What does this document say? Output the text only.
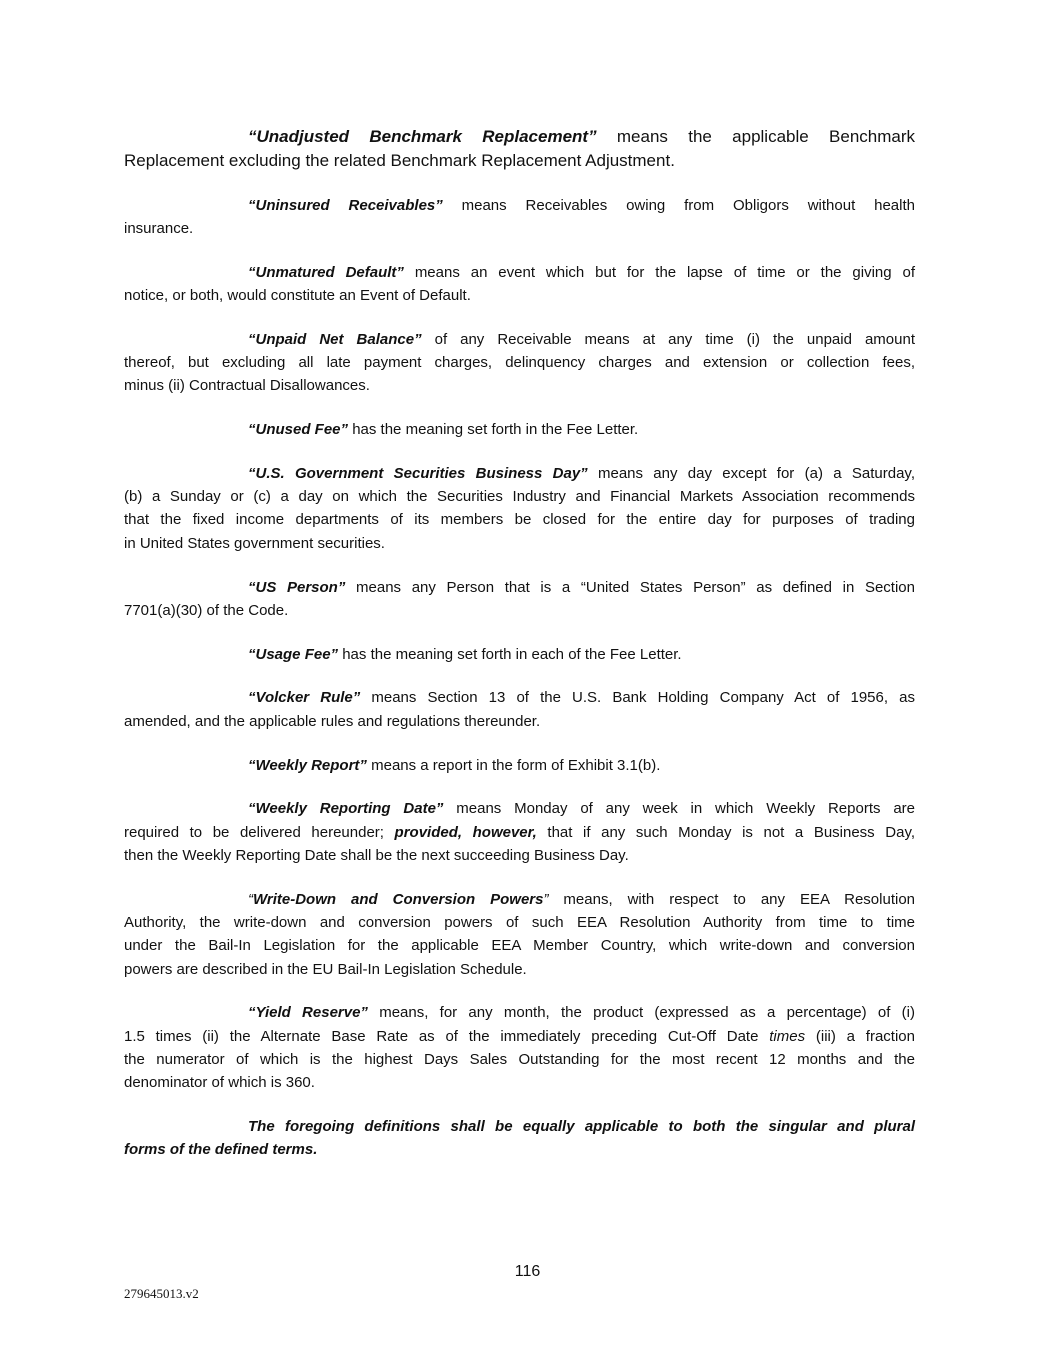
“Unadjusted Benchmark Replacement” means the applicable Benchmark
Replacement excluding the related Benchmark Replacement Adjustment.
“Uninsured Receivables” means Receivables owing from Obligors without health
insurance.
“Unmatured Default” means an event which but for the lapse of time or the giving of
notice, or both, would constitute an Event of Default.
“Unpaid Net Balance” of any Receivable means at any time (i) the unpaid amount
thereof, but excluding all late payment charges, delinquency charges and extension or collection fees,
minus (ii) Contractual Disallowances.
“Unused Fee” has the meaning set forth in the Fee Letter.
“U.S. Government Securities Business Day” means any day except for (a) a Saturday,
(b) a Sunday or (c) a day on which the Securities Industry and Financial Markets Association recommends
that the fixed income departments of its members be closed for the entire day for purposes of trading
in United States government securities.
“US Person” means any Person that is a “United States Person” as defined in Section
7701(a)(30) of the Code.
“Usage Fee” has the meaning set forth in each of the Fee Letter.
“Volcker Rule” means Section 13 of the U.S. Bank Holding Company Act of 1956, as
amended, and the applicable rules and regulations thereunder.
“Weekly Report” means a report in the form of Exhibit 3.1(b).
“Weekly Reporting Date” means Monday of any week in which Weekly Reports are
required to be delivered hereunder; provided, however, that if any such Monday is not a Business Day,
then the Weekly Reporting Date shall be the next succeeding Business Day.
“Write-Down and Conversion Powers” means, with respect to any EEA Resolution
Authority, the write-down and conversion powers of such EEA Resolution Authority from time to time
under the Bail-In Legislation for the applicable EEA Member Country, which write-down and conversion
powers are described in the EU Bail-In Legislation Schedule.
“Yield Reserve” means, for any month, the product (expressed as a percentage) of (i)
1.5 times (ii) the Alternate Base Rate as of the immediately preceding Cut-Off Date times (iii) a fraction
the numerator of which is the highest Days Sales Outstanding for the most recent 12 months and the
denominator of which is 360.
The foregoing definitions shall be equally applicable to both the singular and plural
forms of the defined terms.
116
279645013.v2
